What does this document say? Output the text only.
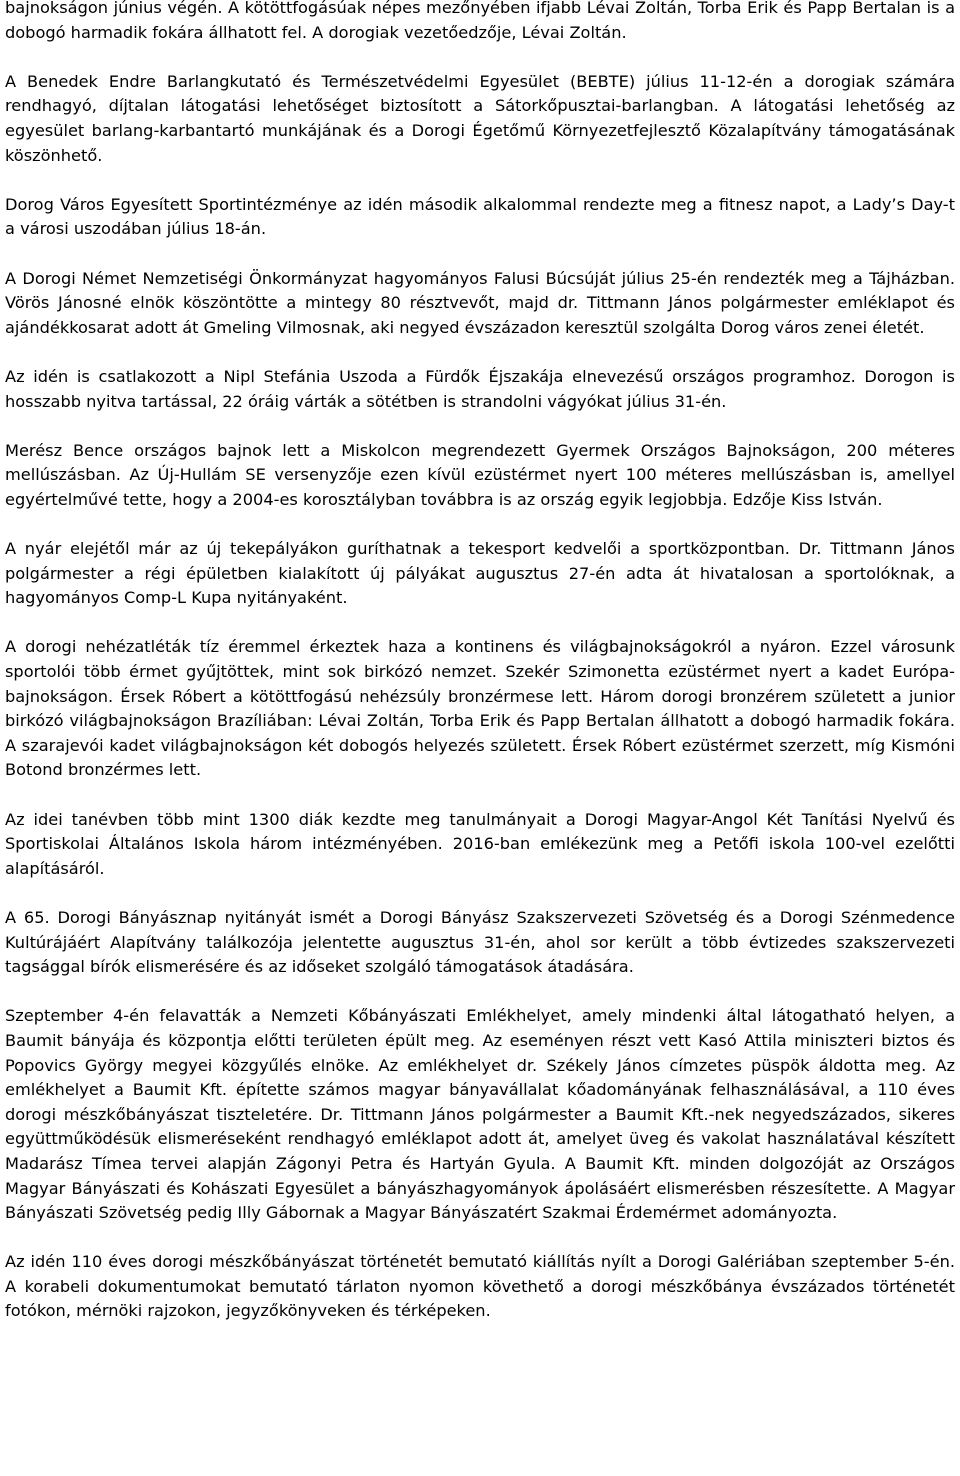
bajnokságon június végén. A kötöttfogásúak népes mezőnyében ifjabb Lévai Zoltán, Torba Erik és Papp Bertalan is a dobogó harmadik fokára állhatott fel. A dorogiak vezetőedzője, Lévai Zoltán.

A Benedek Endre Barlangkutató és Természetvédelmi Egyesület (BEBTE) július 11-12-én a dorogiak számára rendhagyó, díjtalan látogatási lehetőséget biztosított a Sátorkőpusztai-barlangban. A látogatási lehetőség az egyesület barlang-karbantartó munkájának és a Dorogi Égetőmű Környezetfejlesztő Közalapítvány támogatásának köszönhető.

Dorog Város Egyesített Sportintézménye az idén második alkalommal rendezte meg a fitnesz napot, a Lady’s Day-t a városi uszodában július 18-án.

A Dorogi Német Nemzetiségi Önkormányzat hagyományos Falusi Búcsúját július 25-én rendezték meg a Tájházban. Vörös Jánosné elnök köszöntötte a mintegy 80 résztvevőt, majd dr. Tittmann János polgármester emléklapot és ajándékkosarat adott át Gmeling Vilmosnak, aki negyed évszázadon keresztül szolgálta Dorog város zenei életét.

Az idén is csatlakozott a Nipl Stefánia Uszoda a Fürdők Éjszakája elnevezésű országos programhoz. Dorogon is hosszabb nyitva tartással, 22 óráig várták a sötétben is strandolni vágyókat július 31-én.

Merész Bence országos bajnok lett a Miskolcon megrendezett Gyermek Országos Bajnokságon, 200 méteres mellúszásban. Az Új-Hullám SE versenyzője ezen kívül ezüstérmet nyert 100 méteres mellúszásban is, amellyel egyértelművé tette, hogy a 2004-es korosztályban továbbra is az ország egyik legjobbja. Edzője Kiss István.

A nyár elejétől már az új tekepályákon guríthatnak a tekesport kedvelői a sportközpontban. Dr. Tittmann János polgármester a régi épületben kialakított új pályákat augusztus 27-én adta át hivatalosan a sportolóknak, a hagyományos Comp-L Kupa nyitányaként.

A dorogi nehézatléták tíz éremmel érkeztek haza a kontinens és világbajnokságokról a nyáron. Ezzel városunk sportolói több érmet gyűjtöttek, mint sok birkózó nemzet. Szekér Szimonetta ezüstérmet nyert a kadet Európa-bajnokságon. Érsek Róbert a kötöttfogású nehézsúly bronzérmese lett. Három dorogi bronzérem született a junior birkózó világbajnokságon Brazíliában: Lévai Zoltán, Torba Erik és Papp Bertalan állhatott a dobogó harmadik fokára. A szarajevói kadet világbajnokságon két dobogós helyezés született. Érsek Róbert ezüstérmet szerzett, míg Kismóni Botond bronzérmes lett.

Az idei tanévben több mint 1300 diák kezdte meg tanulmányait a Dorogi Magyar-Angol Két Tanítási Nyelvű és Sportiskolai Általános Iskola három intézményében. 2016-ban emlékezünk meg a Petőfi iskola 100-vel ezelőtti alapításáról.

A 65. Dorogi Bányásznap nyitányát ismét a Dorogi Bányász Szakszervezeti Szövetség és a Dorogi Szénmedence Kultúrájáért Alapítvány találkozója jelentette augusztus 31-én, ahol sor került a több évtizedes szakszervezeti tagsággal bírók elismerésére és az időseket szolgáló támogatások átadására.

Szeptember 4-én felavatták a Nemzeti Kőbányászati Emlékhelyet, amely mindenki által látogatható helyen, a Baumit bányája és központja előtti területen épült meg. Az eseményen részt vett Kasó Attila miniszteri biztos és Popovics György megyei közgyűlés elnöke. Az emlékhelyet dr. Székely János címzetes püspök áldotta meg. Az emlékhelyet a Baumit Kft. építette számos magyar bányavállalat kőadományának felhasználásával, a 110 éves dorogi mészkőbányászat tiszteletére. Dr. Tittmann János polgármester a Baumit Kft.-nek negyedszázados, sikeres együttműködésük elismeréseként rendhagyó emléklapot adott át, amelyet üveg és vakolat használatával készített Madarász Tímea tervei alapján Zágonyi Petra és Hartyán Gyula. A Baumit Kft. minden dolgozóját az Országos Magyar Bányászati és Kohászati Egyesület a bányászhagyományok ápolásáért elismerésben részesítette. A Magyar Bányászati Szövetség pedig Illy Gábornak a Magyar Bányászatért Szakmai Érdemérmet adományozta.

Az idén 110 éves dorogi mészkőbányászat történetét bemutató kiállítás nyílt a Dorogi Galériában szeptember 5-én. A korabeli dokumentumokat bemutató tárlaton nyomon követhető a dorogi mészkőbánya évszázados történetét fotókon, mérnöki rajzokon, jegyzőkönyveken és térképeken.
